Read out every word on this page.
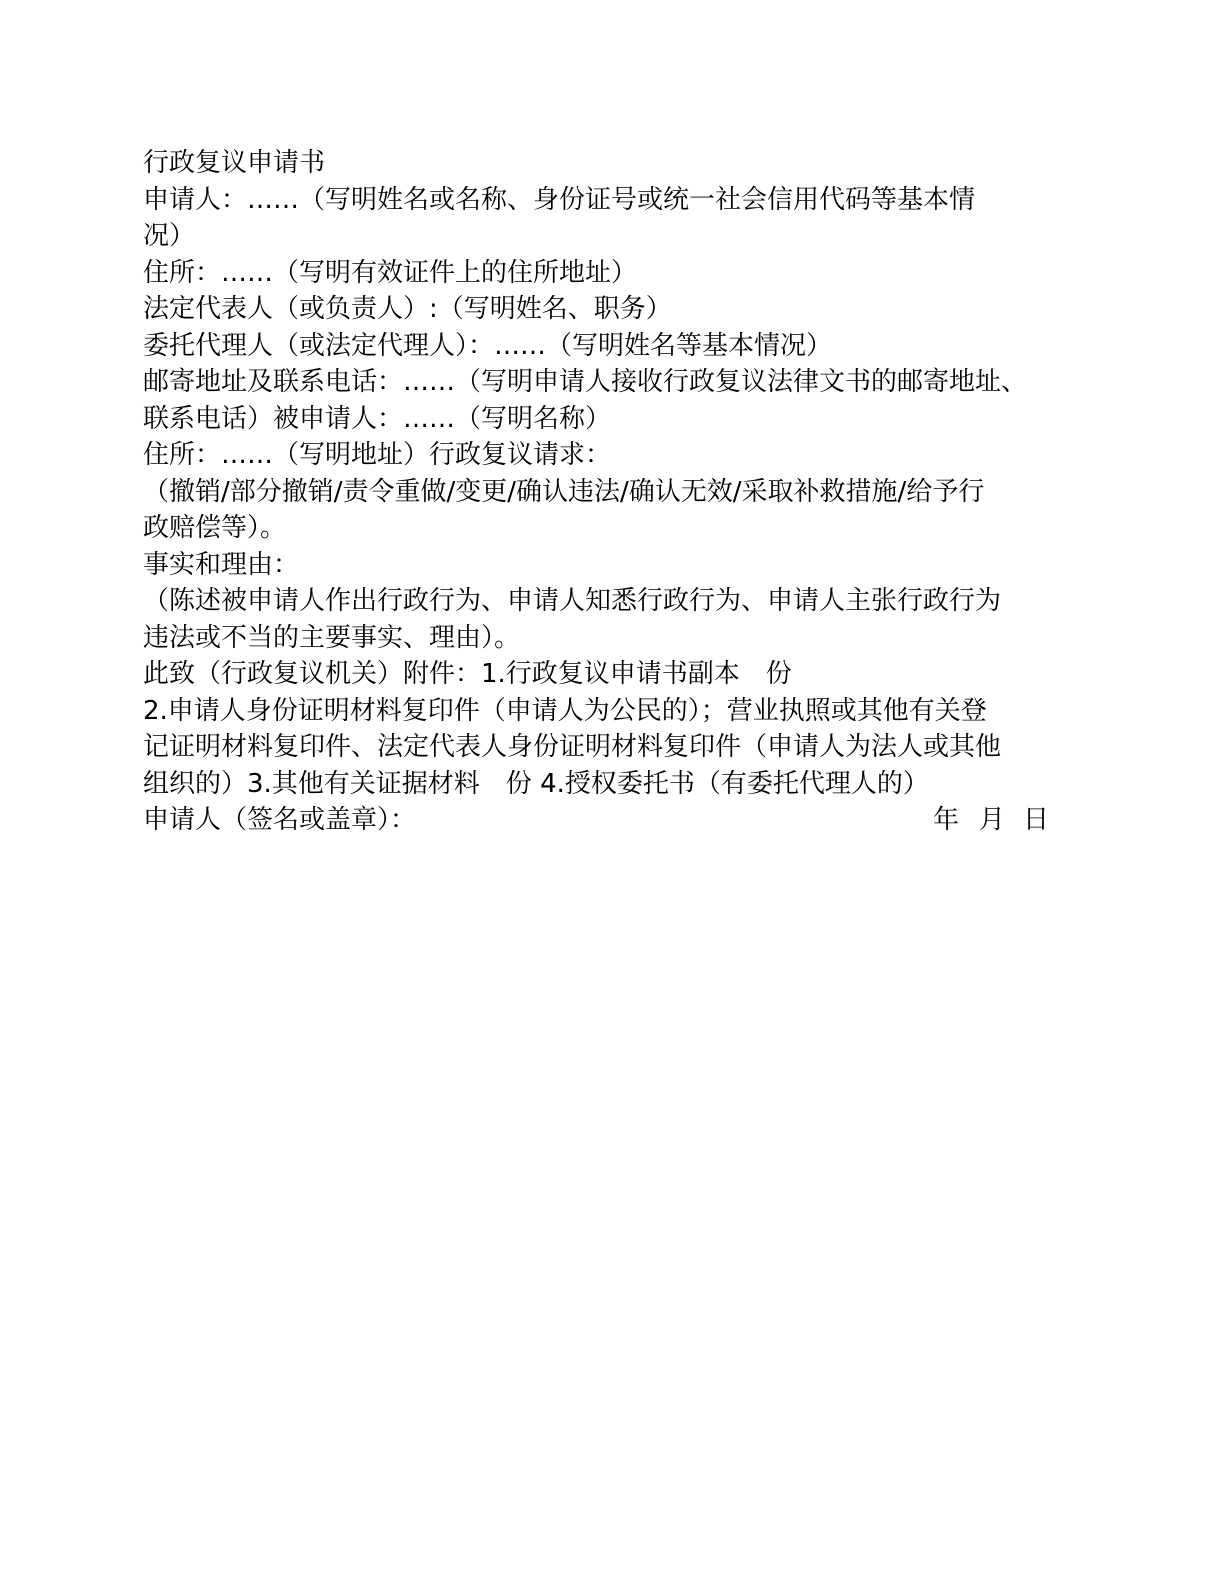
行政复议申请书

申请人：……（写明姓名或名称、身份证号或统一社会信用代码等基本情

况）

住所：……（写明有效证件上的住所地址）

法定代表人（或负责人）:（写明姓名、职务）

委托代理人（或法定代理人）：……（写明姓名等基本情况）

邮寄地址及联系电话：……（写明申请人接收行政复议法律文书的邮寄地址、

联系电话）被申请人：……（写明名称）

住所：……（写明地址）行政复议请求：

（撤销/部分撤销/责令重做/变更/确认违法/确认无效/采取补救措施/给予行

政赔偿等）。

事实和理由：

（陈述被申请人作出行政行为、申请人知悉行政行为、申请人主张行政行为

违法或不当的主要事实、理由）。

此致（行政复议机关）附件：1.行政复议申请书副本　份

2.申请人身份证明材料复印件（申请人为公民的）；营业执照或其他有关登

记证明材料复印件、法定代表人身份证明材料复印件（申请人为法人或其他

组织的）3.其他有关证据材料　份 4.授权委托书（有委托代理人的）

申请人（签名或盖章）：	年 月 日
